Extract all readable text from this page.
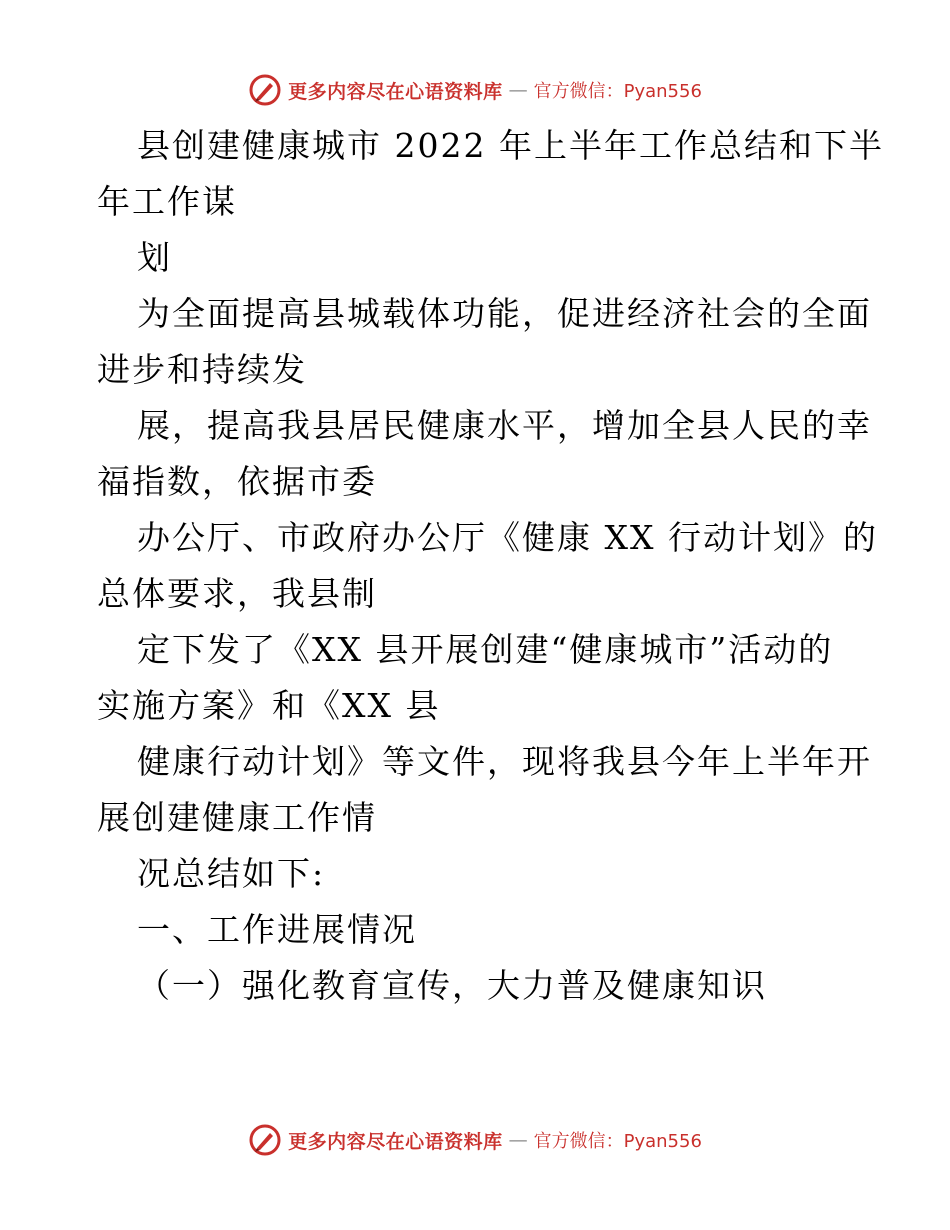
更多内容尽在心语资料库 — 官方微信：Pyan556
县创建健康城市 2022 年上半年工作总结和下半
年工作谋
划
为全面提高县城载体功能，促进经济社会的全面
进步和持续发
展，提高我县居民健康水平，增加全县人民的幸
福指数，依据市委
办公厅、市政府办公厅《健康 XX 行动计划》的
总体要求，我县制
定下发了《XX 县开展创建“健康城市”活动的
实施方案》和《XX 县
健康行动计划》等文件，现将我县今年上半年开
展创建健康工作情
况总结如下:
一、工作进展情况
（一）强化教育宣传，大力普及健康知识
更多内容尽在心语资料库 — 官方微信：Pyan556
